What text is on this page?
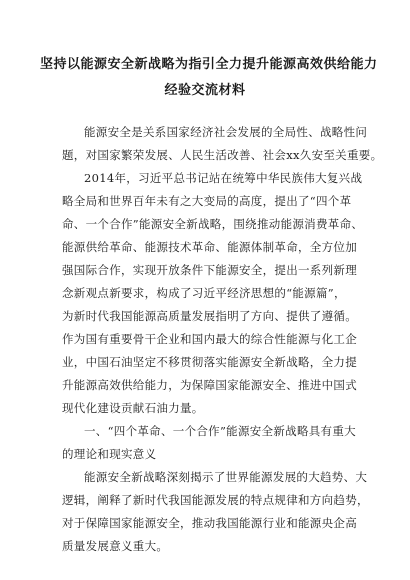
坚持以能源安全新战略为指引全力提升能源高效供给能力
经验交流材料
能源安全是关系国家经济社会发展的全局性、战略性问
题，对国家繁荣发展、人民生活改善、社会xx久安至关重要。
2014年，习近平总书记站在统筹中华民族伟大复兴战
略全局和世界百年未有之大变局的高度，提出了“四个革
命、一个合作”能源安全新战略，围绕推动能源消费革命、
能源供给革命、能源技术革命、能源体制革命，全方位加
强国际合作，实现开放条件下能源安全，提出一系列新理
念新观点新要求，构成了习近平经济思想的“能源篇”，
为新时代我国能源高质量发展指明了方向、提供了遵循。
作为国有重要骨干企业和国内最大的综合性能源与化工企
业，中国石油坚定不移贯彻落实能源安全新战略，全力提
升能源高效供给能力，为保障国家能源安全、推进中国式
现代化建设贡献石油力量。
一、“四个革命、一个合作”能源安全新战略具有重大
的理论和现实意义
能源安全新战略深刻揭示了世界能源发展的大趋势、大
逻辑，阐释了新时代我国能源发展的特点规律和方向趋势，
对于保障国家能源安全，推动我国能源行业和能源央企高
质量发展意义重大。
